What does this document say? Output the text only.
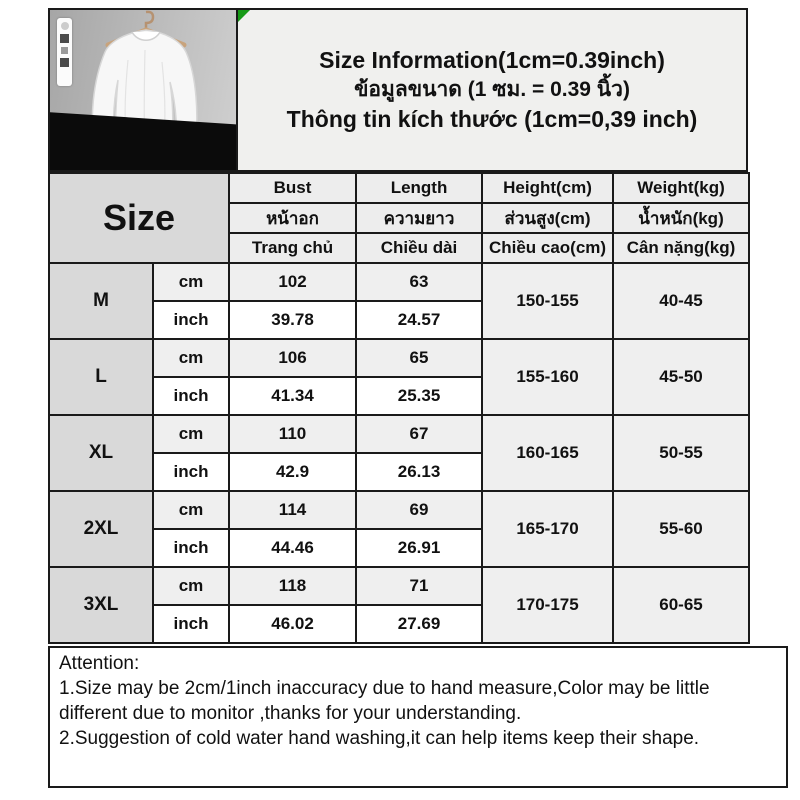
Size Information(1cm=0.39inch)
ข้อมูลขนาด (1 ซม. = 0.39 นิ้ว)
Thông tin kích thước (1cm=0,39 inch)
Size		Bust	Length	Height(cm)	Weight(kg)
		หน้าอก	ความยาว	ส่วนสูง(cm)	น้ำหนัก(kg)
		Trang chủ	Chiều dài	Chiều cao(cm)	Cân nặng(kg)
M	cm	102	63	150-155	40-45
	inch	39.78	24.57		
L	cm	106	65	155-160	45-50
	inch	41.34	25.35		
XL	cm	110	67	160-165	50-55
	inch	42.9	26.13		
2XL	cm	114	69	165-170	55-60
	inch	44.46	26.91		
3XL	cm	118	71	170-175	60-65
	inch	46.02	27.69		
Attention:
1.Size may be 2cm/1inch inaccuracy due to hand measure,Color may be little different due to monitor ,thanks for your understanding.
2.Suggestion of cold water hand washing,it can help items keep their shape.
